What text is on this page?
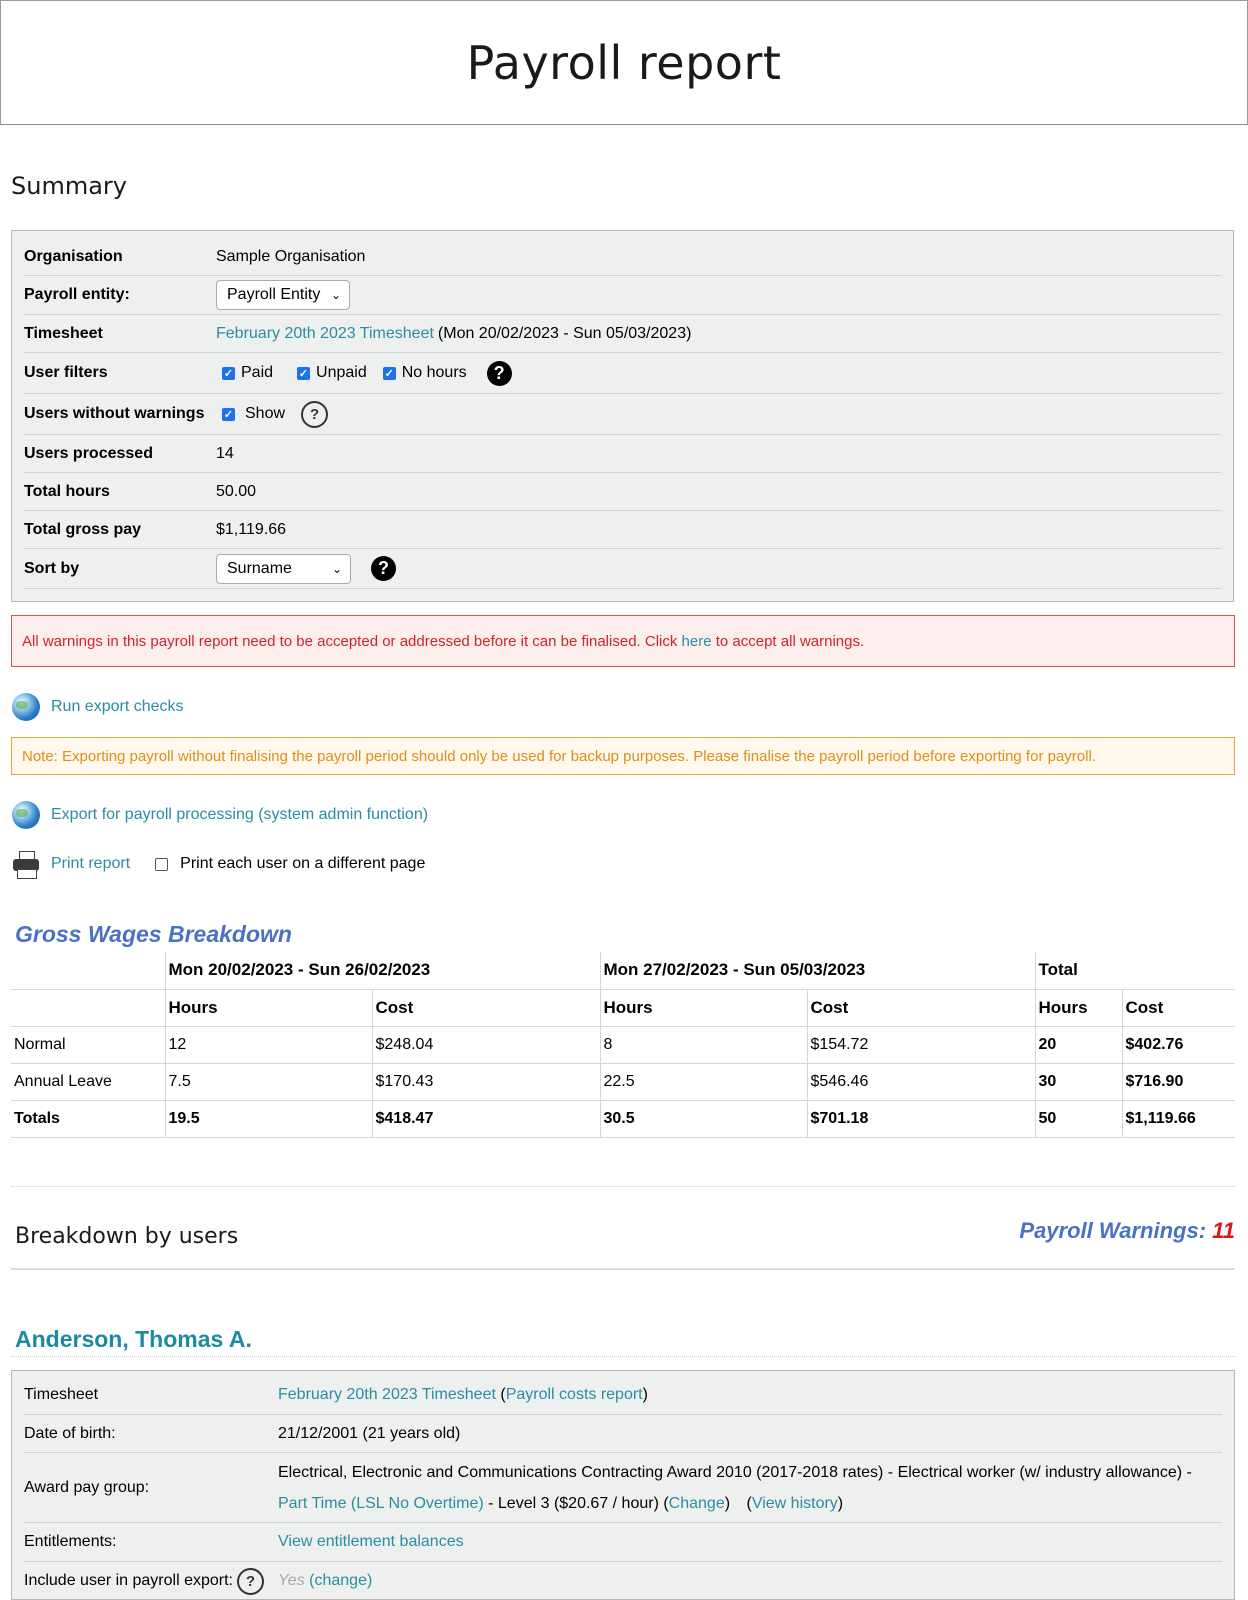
Payroll report
Summary
Organisation	Sample Organisation
Payroll entity:	Payroll Entity ⌄
Timesheet	February 20th 2023 Timesheet (Mon 20/02/2023 - Sun 05/03/2023)
User filters	✓ Paid ✓ Unpaid ✓ No hours	?
Users without warnings	✓ Show	?
Users processed	14
Total hours	50.00
Total gross pay	$1,119.66
Sort by	Surname	⌄	?
All warnings in this payroll report need to be accepted or addressed before it can be finalised. Click here to accept all warnings.
Run export checks
Note: Exporting payroll without finalising the payroll period should only be used for backup purposes. Please finalise the payroll period before exporting for payroll.
Export for payroll processing (system admin function)
Print report	Print each user on a different page
Gross Wages Breakdown
	Mon 20/02/2023 - Sun 26/02/2023		Mon 27/02/2023 - Sun 05/03/2023		Total	
	Hours	Cost	Hours	Cost	Hours	Cost
Normal	12	$248.04	8	$154.72	20	$402.76
Annual Leave	7.5	$170.43	22.5	$546.46	30	$716.90
Totals	19.5	$418.47	30.5	$701.18	50	$1,119.66
Breakdown by users	Payroll Warnings: 11
Anderson, Thomas A.
Timesheet	February 20th 2023 Timesheet (Payroll costs report)
Date of birth:	21/12/2001 (21 years old)
Award pay group:
Electrical, Electronic and Communications Contracting Award 2010 (2017-2018 rates) - Electrical worker (w/ industry allowance) -
Part Time (LSL No Overtime) - Level 3 ($20.67 / hour) (Change) (View history)
Entitlements:	View entitlement balances
Include user in payroll export: ?	Yes (change)
